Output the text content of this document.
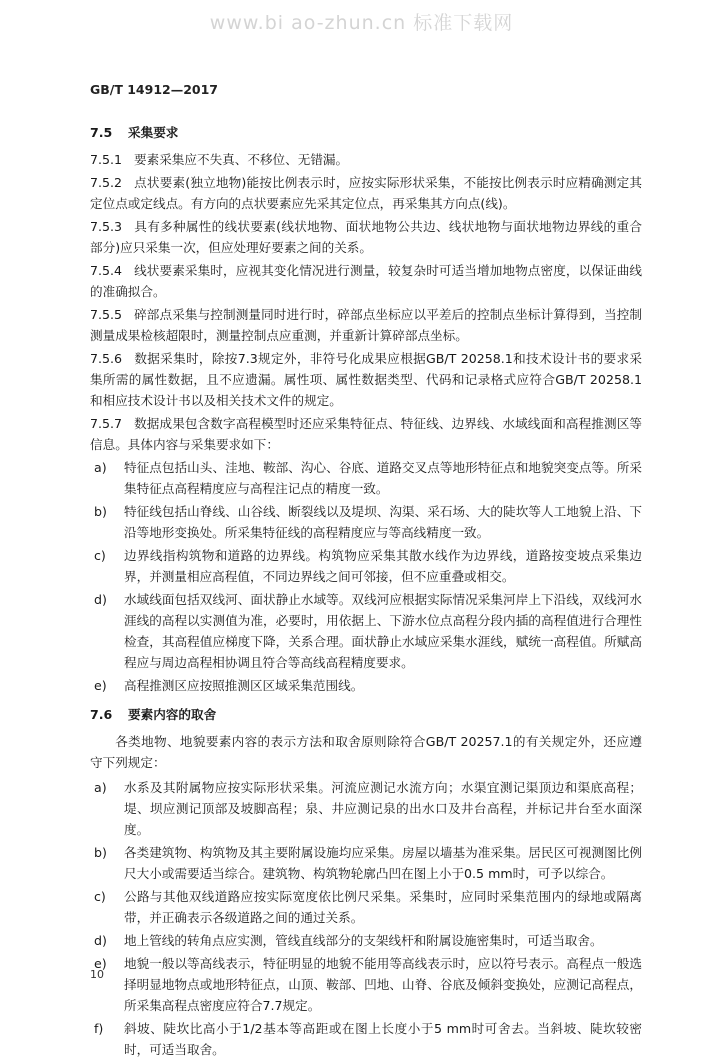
www.bi ao-zhun.cn 标准下载网
GB/T 14912—2017
7.5 采集要求

7.5.1 要素采集应不失真、不移位、无错漏。

7.5.2 点状要素(独立地物)能按比例表示时，应按实际形状采集，不能按比例表示时应精确测定其定位点或定线点。有方向的点状要素应先采其定位点，再采集其方向点(线)。

7.5.3 具有多种属性的线状要素(线状地物、面状地物公共边、线状地物与面状地物边界线的重合部分)应只采集一次，但应处理好要素之间的关系。

7.5.4 线状要素采集时，应视其变化情况进行测量，较复杂时可适当增加地物点密度，以保证曲线的准确拟合。

7.5.5 碎部点采集与控制测量同时进行时，碎部点坐标应以平差后的控制点坐标计算得到，当控制测量成果检核超限时，测量控制点应重测，并重新计算碎部点坐标。

7.5.6 数据采集时，除按7.3规定外，非符号化成果应根据GB/T 20258.1和技术设计书的要求采集所需的属性数据，且不应遗漏。属性项、属性数据类型、代码和记录格式应符合GB/T 20258.1和相应技术设计书以及相关技术文件的规定。

7.5.7 数据成果包含数字高程模型时还应采集特征点、特征线、边界线、水域线面和高程推测区等信息。具体内容与采集要求如下：

a)	特征点包括山头、洼地、鞍部、沟心、谷底、道路交叉点等地形特征点和地貌突变点等。所采集特征点高程精度应与高程注记点的精度一致。
b)	特征线包括山脊线、山谷线、断裂线以及堤坝、沟渠、采石场、大的陡坎等人工地貌上沿、下沿等地形变换处。所采集特征线的高程精度应与等高线精度一致。
c)	边界线指构筑物和道路的边界线。构筑物应采集其散水线作为边界线，道路按变坡点采集边界，并测量相应高程值，不同边界线之间可邻接，但不应重叠或相交。
d)	水域线面包括双线河、面状静止水域等。双线河应根据实际情况采集河岸上下沿线，双线河水涯线的高程以实测值为准，必要时，用依据上、下游水位点高程分段内插的高程值进行合理性检查，其高程值应梯度下降，关系合理。面状静止水域应采集水涯线，赋统一高程值。所赋高程应与周边高程相协调且符合等高线高程精度要求。
e)	高程推测区应按照推测区区域采集范围线。
7.6 要素内容的取舍

各类地物、地貌要素内容的表示方法和取舍原则除符合GB/T 20257.1的有关规定外，还应遵守下列规定：

a)	水系及其附属物应按实际形状采集。河流应测记水流方向；水渠宜测记渠顶边和渠底高程；堤、坝应测记顶部及坡脚高程；泉、井应测记泉的出水口及井台高程，并标记井台至水面深度。
b)	各类建筑物、构筑物及其主要附属设施均应采集。房屋以墙基为准采集。居民区可视测图比例尺大小或需要适当综合。建筑物、构筑物轮廓凸凹在图上小于0.5 mm时，可予以综合。
c)	公路与其他双线道路应按实际宽度依比例尺采集。采集时，应同时采集范围内的绿地或隔离带，并正确表示各级道路之间的通过关系。
d)	地上管线的转角点应实测，管线直线部分的支架线杆和附属设施密集时，可适当取舍。
e)	地貌一般以等高线表示，特征明显的地貌不能用等高线表示时，应以符号表示。高程点一般选择明显地物点或地形特征点，山顶、鞍部、凹地、山脊、谷底及倾斜变换处，应测记高程点，所采集高程点密度应符合7.7规定。
f)	斜坡、陡坎比高小于1/2基本等高距或在图上长度小于5 mm时可舍去。当斜坡、陡坎较密时，可适当取舍。
10
